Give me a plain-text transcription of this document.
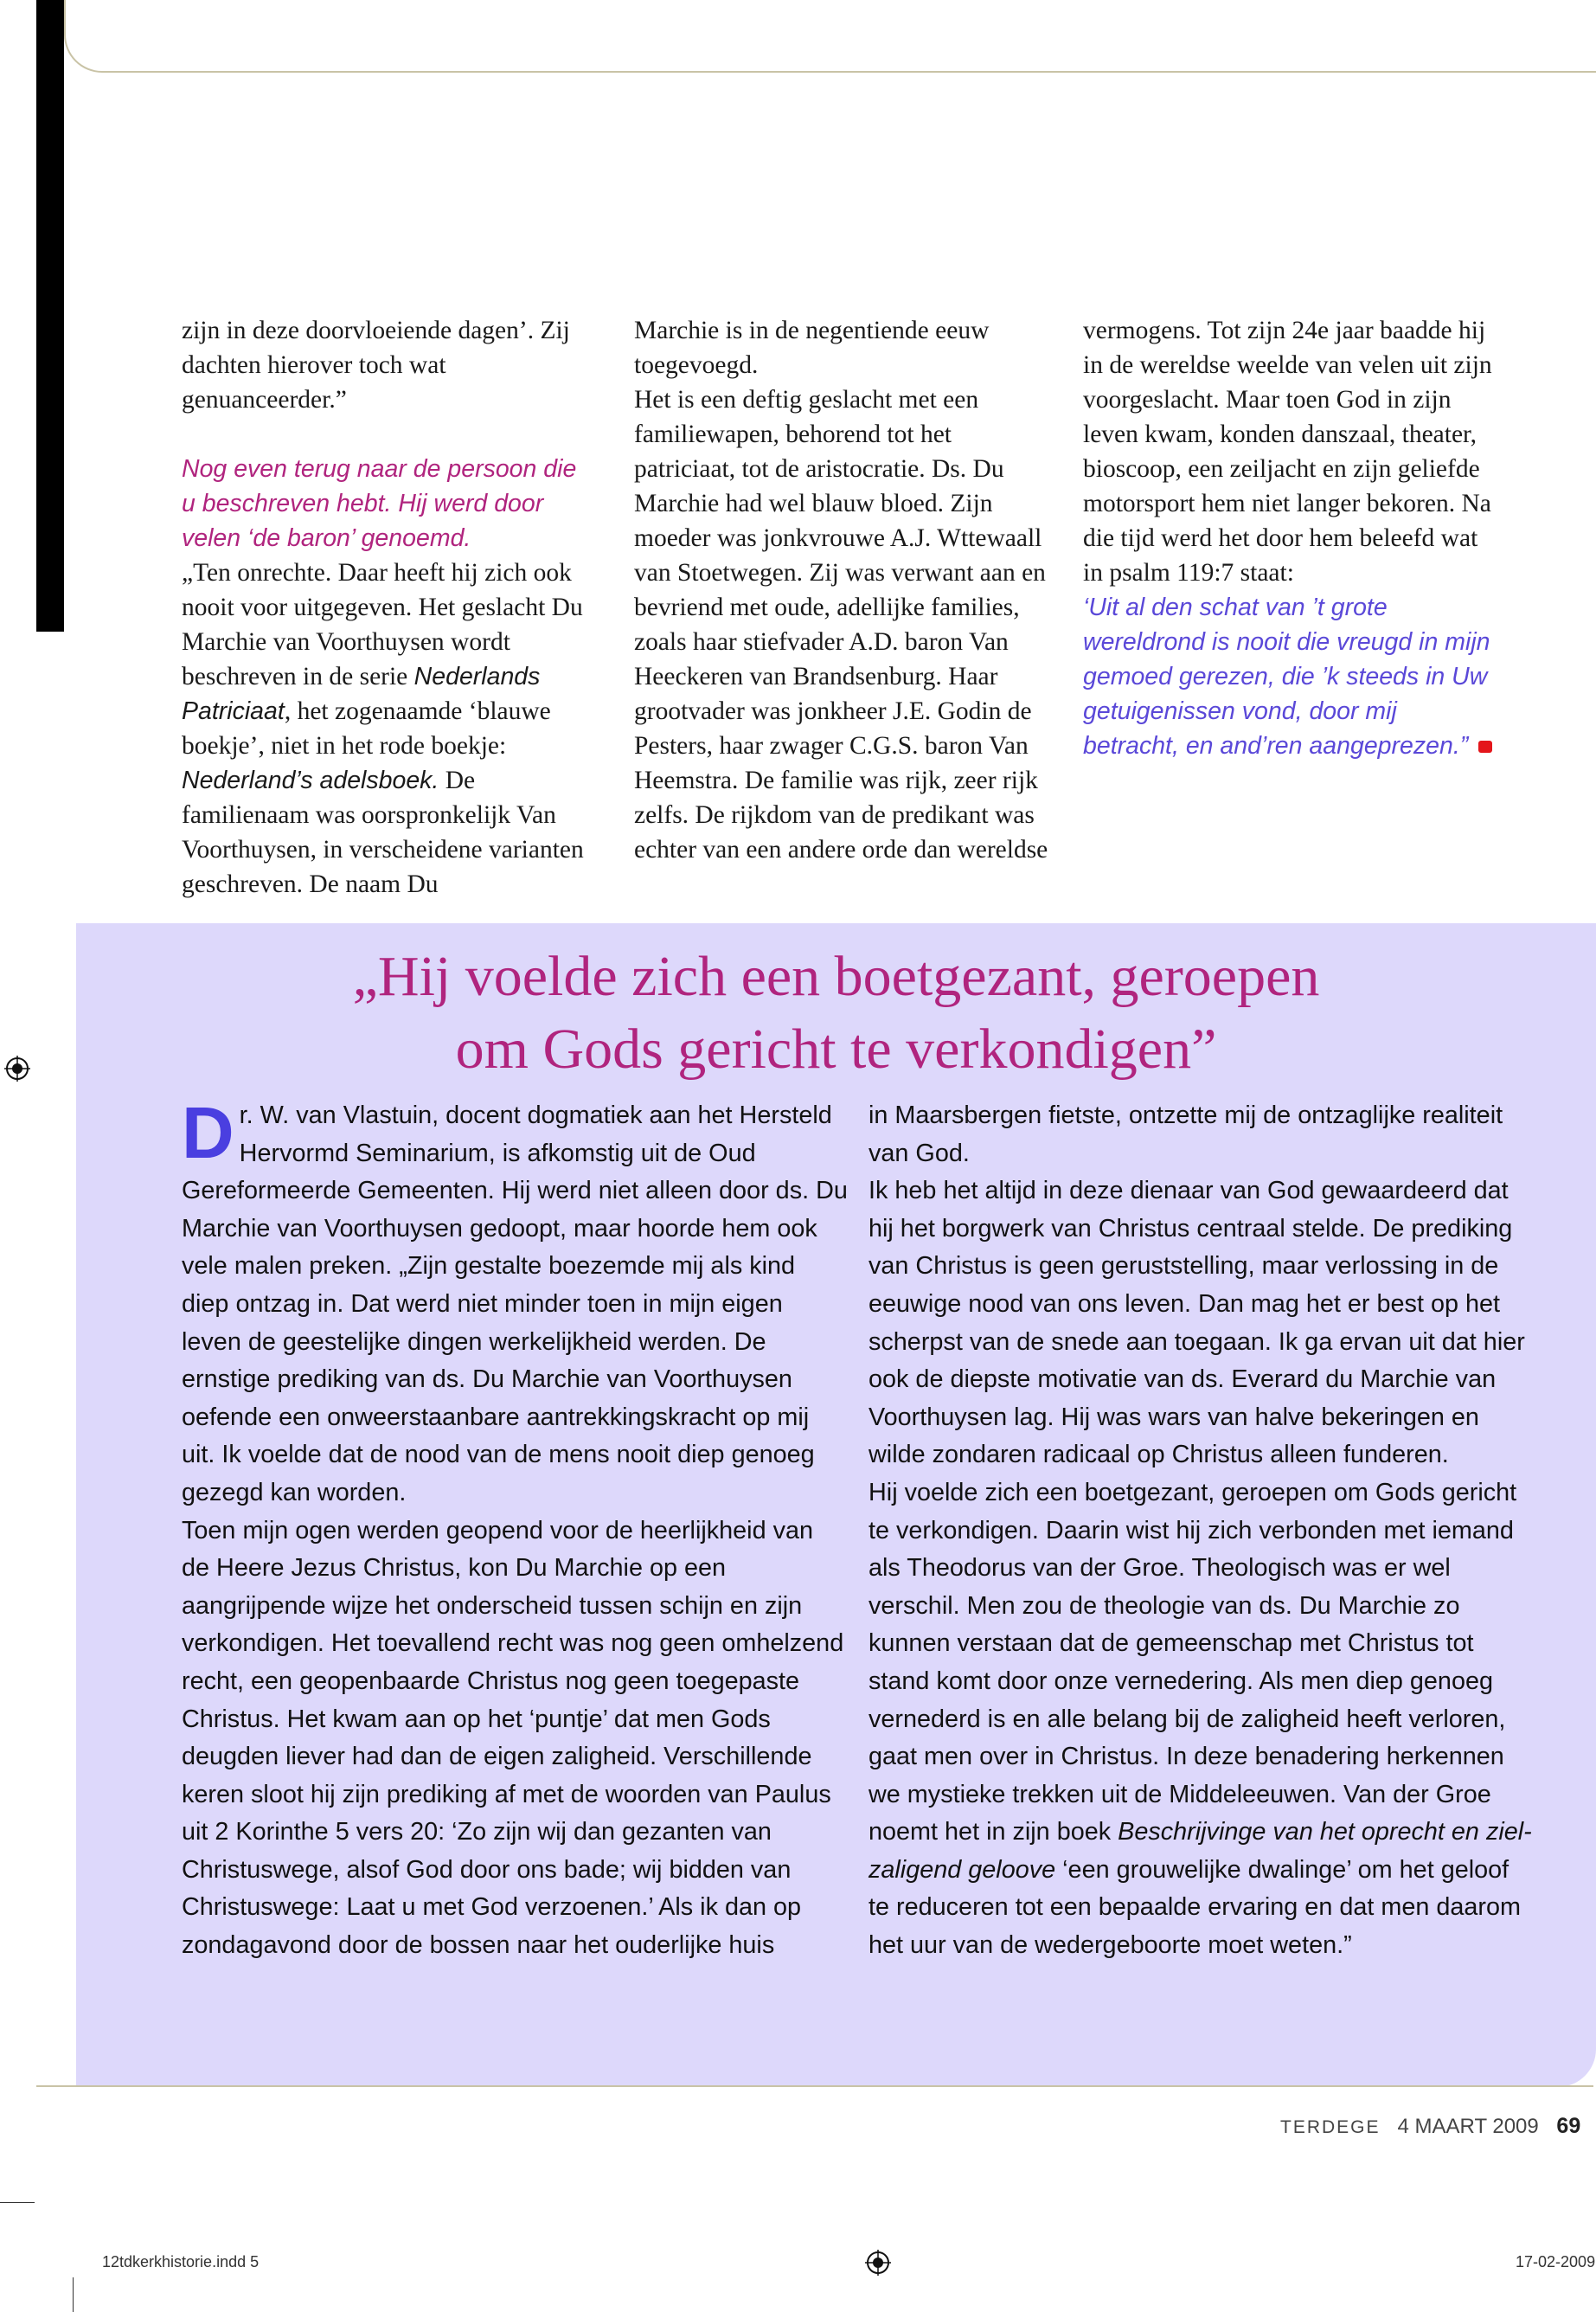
zijn in deze doorvloeiende dagen’. Zij dachten hierover toch wat genuanceerder.”

Nog even terug naar de persoon die u beschreven hebt. Hij werd door velen ‘de baron’ genoemd.

„Ten onrechte. Daar heeft hij zich ook nooit voor uitgegeven. Het geslacht Du Marchie van Voorthuysen wordt beschreven in de serie Nederlands Patriciaat, het zogenaamde ‘blauwe boekje’, niet in het rode boekje: Nederland’s adelsboek. De familienaam was oorspronkelijk Van Voorthuysen, in verscheidene varianten geschreven. De naam Du

Marchie is in de negentiende eeuw toegevoegd.

Het is een deftig geslacht met een familiewapen, behorend tot het patriciaat, tot de aristocratie. Ds. Du Marchie had wel blauw bloed. Zijn moeder was jonkvrouwe A.J. Wttewaall van Stoetwegen. Zij was verwant aan en bevriend met oude, adellijke families, zoals haar stiefvader A.D. baron Van Heeckeren van Brandsenburg. Haar grootvader was jonkheer J.E. Godin de Pesters, haar zwager C.G.S. baron Van Heemstra. De familie was rijk, zeer rijk zelfs. De rijkdom van de predikant was echter van een andere orde dan wereldse

vermogens. Tot zijn 24e jaar baadde hij in de wereldse weelde van velen uit zijn voorgeslacht. Maar toen God in zijn leven kwam, konden danszaal, theater, bioscoop, een zeiljacht en zijn geliefde motorsport hem niet langer bekoren. Na die tijd werd het door hem beleefd wat in psalm 119:7 staat:

‘Uit al den schat van ’t grote wereldrond is nooit die vreugd in mijn gemoed gerezen, die ’k steeds in Uw getuigenissen vond, door mij betracht, en and’ren aangeprezen.”

„Hij voelde zich een boetgezant, geroepen
om Gods gericht te verkondigen”

Dr. W. van Vlastuin, docent dogmatiek aan het Hersteld Hervormd Seminarium, is afkomstig uit de Oud Gereformeerde Gemeenten. Hij werd niet alleen door ds. Du Marchie van Voorthuysen gedoopt, maar hoorde hem ook vele malen preken. „Zijn gestalte boezemde mij als kind diep ontzag in. Dat werd niet minder toen in mijn eigen leven de geestelijke dingen werkelijkheid werden. De ernstige prediking van ds. Du Marchie van Voorthuysen oefende een onweerstaanbare aantrekkingskracht op mij uit. Ik voelde dat de nood van de mens nooit diep genoeg gezegd kan worden.

Toen mijn ogen werden geopend voor de heerlijkheid van de Heere Jezus Christus, kon Du Marchie op een aangrijpende wijze het onderscheid tussen schijn en zijn verkondigen. Het toevallend recht was nog geen omhelzend recht, een geopenbaarde Christus nog geen toegepaste Christus. Het kwam aan op het ‘puntje’ dat men Gods deugden liever had dan de eigen zaligheid. Verschillende keren sloot hij zijn prediking af met de woorden van Paulus uit 2 Korinthe 5 vers 20: ‘Zo zijn wij dan gezanten van Christuswege, alsof God door ons bade; wij bidden van Christuswege: Laat u met God verzoenen.’ Als ik dan op zondagavond door de bossen naar het ouderlijke huis

in Maarsbergen fietste, ontzette mij de ontzaglijke realiteit van God.

Ik heb het altijd in deze dienaar van God gewaardeerd dat hij het borgwerk van Christus centraal stelde. De prediking van Christus is geen geruststelling, maar verlossing in de eeuwige nood van ons leven. Dan mag het er best op het scherpst van de snede aan toegaan. Ik ga ervan uit dat hier ook de diepste motivatie van ds. Everard du Marchie van Voorthuysen lag. Hij was wars van halve bekeringen en wilde zondaren radicaal op Christus alleen funderen.

Hij voelde zich een boetgezant, geroepen om Gods gericht te verkondigen. Daarin wist hij zich verbonden met iemand als Theodorus van der Groe. Theologisch was er wel verschil. Men zou de theologie van ds. Du Marchie zo kunnen verstaan dat de gemeenschap met Christus tot stand komt door onze vernedering. Als men diep genoeg vernederd is en alle belang bij de zaligheid heeft verloren, gaat men over in Christus. In deze benadering herkennen we mystieke trekken uit de Middeleeuwen. Van der Groe noemt het in zijn boek Beschrijvinge van het oprecht en ziel-zaligend geloove ‘een grouwelijke dwalinge’ om het geloof te reduceren tot een bepaalde ervaring en dat men daarom het uur van de wedergeboorte moet weten.”

TERDEGE 4 MAART 2009 69
12tdkerkhistorie.indd 5	17-02-2009
